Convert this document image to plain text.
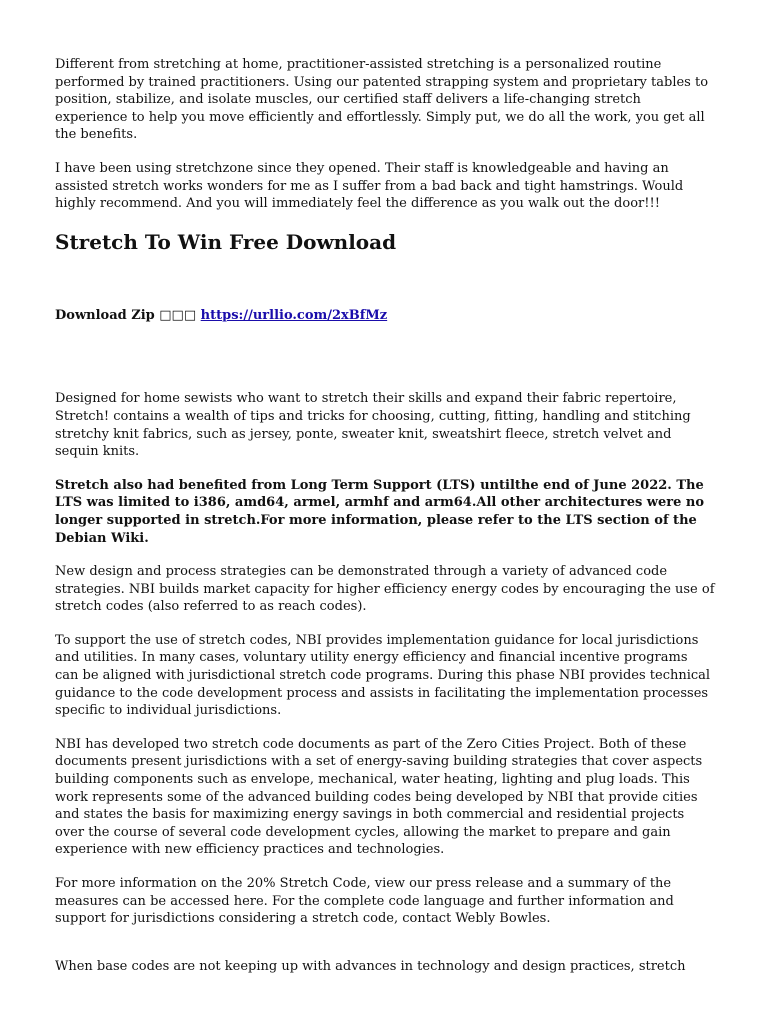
Different from stretching at home, practitioner-assisted stretching is a personalized routine performed by trained practitioners. Using our patented strapping system and proprietary tables to position, stabilize, and isolate muscles, our certified staff delivers a life-changing stretch experience to help you move efficiently and effortlessly. Simply put, we do all the work, you get all the benefits.

I have been using stretchzone since they opened. Their staff is knowledgeable and having an assisted stretch works wonders for me as I suffer from a bad back and tight hamstrings. Would highly recommend. And you will immediately feel the difference as you walk out the door!!!

Stretch To Win Free Download

Download Zip □□□ https://urllio.com/2xBfMz

Designed for home sewists who want to stretch their skills and expand their fabric repertoire, Stretch! contains a wealth of tips and tricks for choosing, cutting, fitting, handling and stitching stretchy knit fabrics, such as jersey, ponte, sweater knit, sweatshirt fleece, stretch velvet and sequin knits.

Stretch also had benefited from Long Term Support (LTS) untilthe end of June 2022. The LTS was limited to i386, amd64, armel, armhf and arm64.All other architectures were no longer supported in stretch.For more information, please refer to the LTS section of the Debian Wiki.

New design and process strategies can be demonstrated through a variety of advanced code strategies. NBI builds market capacity for higher efficiency energy codes by encouraging the use of stretch codes (also referred to as reach codes).

To support the use of stretch codes, NBI provides implementation guidance for local jurisdictions and utilities. In many cases, voluntary utility energy efficiency and financial incentive programs can be aligned with jurisdictional stretch code programs. During this phase NBI provides technical guidance to the code development process and assists in facilitating the implementation processes specific to individual jurisdictions.

NBI has developed two stretch code documents as part of the Zero Cities Project. Both of these documents present jurisdictions with a set of energy-saving building strategies that cover aspects building components such as envelope, mechanical, water heating, lighting and plug loads. This work represents some of the advanced building codes being developed by NBI that provide cities and states the basis for maximizing energy savings in both commercial and residential projects over the course of several code development cycles, allowing the market to prepare and gain experience with new efficiency practices and technologies.

For more information on the 20% Stretch Code, view our press release and a summary of the measures can be accessed here. For the complete code language and further information and support for jurisdictions considering a stretch code, contact Webly Bowles.

When base codes are not keeping up with advances in technology and design practices, stretch
